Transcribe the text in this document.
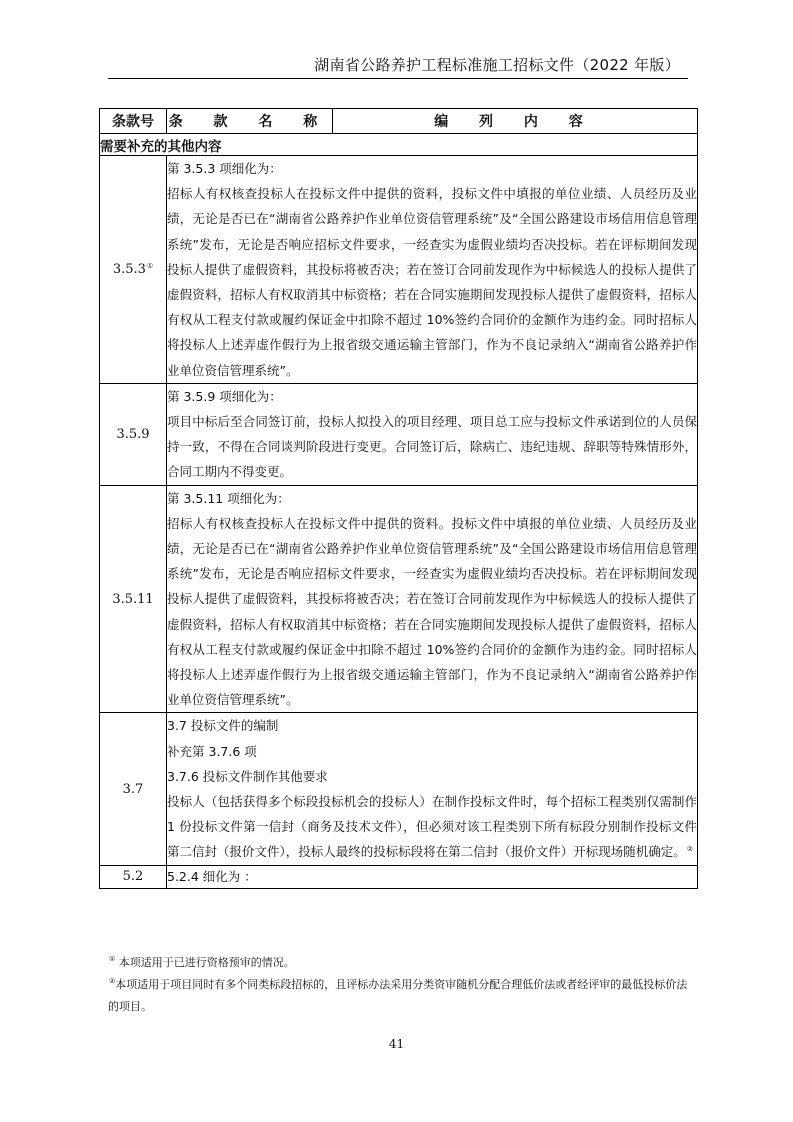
湖南省公路养护工程标准施工招标文件（2022 年版）
条款号	条 款 名 称	编 列 内 容
需要补充的其他内容		
3.5.3①	第 3.5.3 项细化为：
招标人有权核查投标人在投标文件中提供的资料，投标文件中填报的单位业绩、人员经历及业绩，无论是否已在“湖南省公路养护作业单位资信管理系统”及“全国公路建设市场信用信息管理系统”发布，无论是否响应招标文件要求，一经查实为虚假业绩均否决投标。若在评标期间发现投标人提供了虚假资料，其投标将被否决；若在签订合同前发现作为中标候选人的投标人提供了虚假资料，招标人有权取消其中标资格；若在合同实施期间发现投标人提供了虚假资料，招标人有权从工程支付款或履约保证金中扣除不超过 10%签约合同价的金额作为违约金。同时招标人将投标人上述弄虚作假行为上报省级交通运输主管部门，作为不良记录纳入“湖南省公路养护作业单位资信管理系统”。	

3.5.9	第 3.5.9 项细化为：
项目中标后至合同签订前，投标人拟投入的项目经理、项目总工应与投标文件承诺到位的人员保持一致，不得在合同谈判阶段进行变更。合同签订后，除病亡、违纪违规、辞职等特殊情形外，合同工期内不得变更。	

3.5.11	第 3.5.11 项细化为：
招标人有权核查投标人在投标文件中提供的资料。投标文件中填报的单位业绩、人员经历及业绩，无论是否已在“湖南省公路养护作业单位资信管理系统”及“全国公路建设市场信用信息管理系统”发布，无论是否响应招标文件要求，一经查实为虚假业绩均否决投标。若在评标期间发现投标人提供了虚假资料，其投标将被否决；若在签订合同前发现作为中标候选人的投标人提供了虚假资料，招标人有权取消其中标资格；若在合同实施期间发现投标人提供了虚假资料，招标人有权从工程支付款或履约保证金中扣除不超过 10%签约合同价的金额作为违约金。同时招标人将投标人上述弄虚作假行为上报省级交通运输主管部门，作为不良记录纳入“湖南省公路养护作业单位资信管理系统”。	

3.7	3.7 投标文件的编制
补充第 3.7.6 项
3.7.6 投标文件制作其他要求
投标人（包括获得多个标段投标机会的投标人）在制作投标文件时，每个招标工程类别仅需制作 1 份投标文件第一信封（商务及技术文件），但必须对该工程类别下所有标段分别制作投标文件第二信封（报价文件），投标人最终的投标标段将在第二信封（报价文件）开标现场随机确定。②

5.2	5.2.4 细化为 ：	
① 本项适用于已进行资格预审的情况。
②本项适用于项目同时有多个同类标段招标的，且评标办法采用分类资审随机分配合理低价法或者经评审的最低投标价法的项目。
41
